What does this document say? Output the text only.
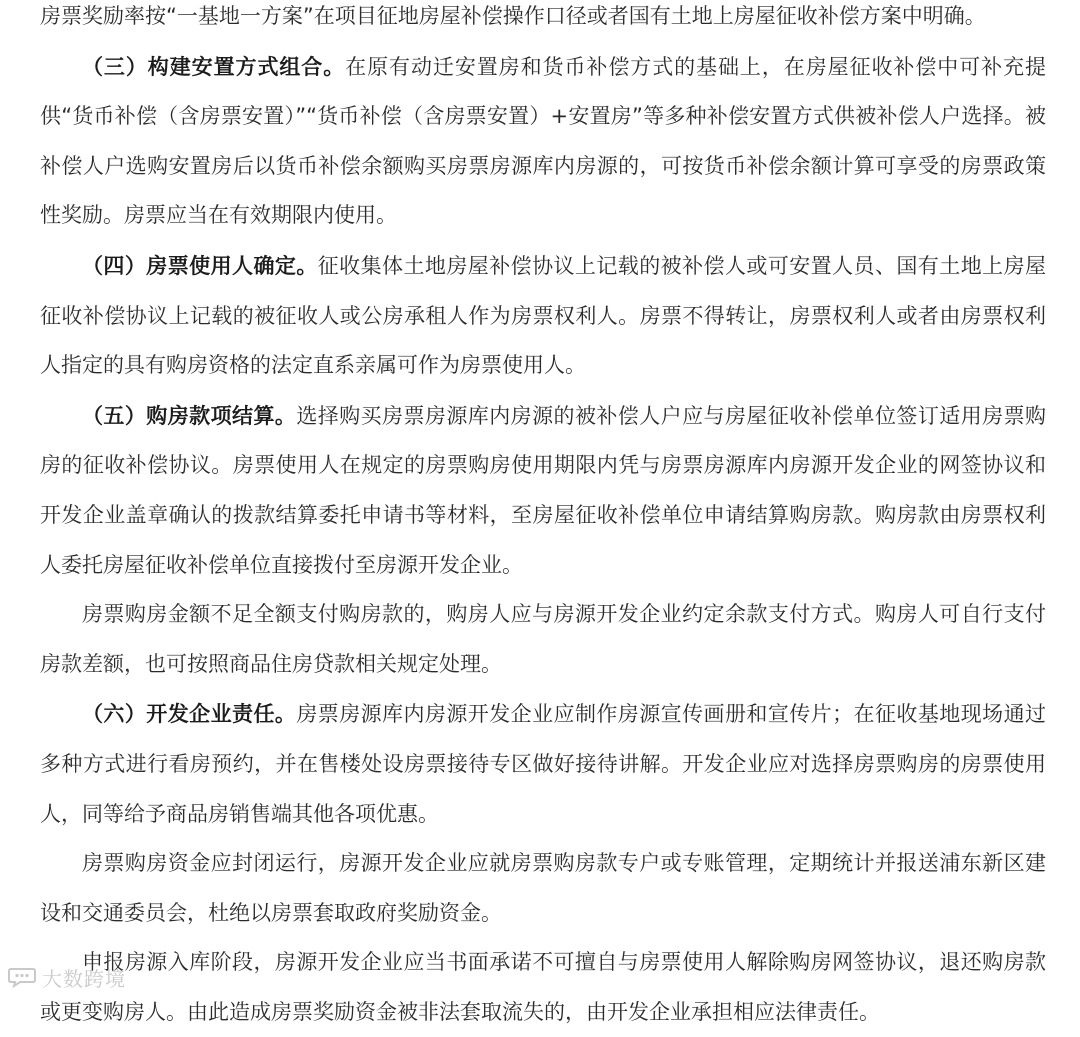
房票奖励率按“一基地一方案”在项目征地房屋补偿操作口径或者国有土地上房屋征收补偿方案中明确。

（三）构建安置方式组合。在原有动迁安置房和货币补偿方式的基础上，在房屋征收补偿中可补充提供“货币补偿（含房票安置）”“货币补偿（含房票安置）+安置房”等多种补偿安置方式供被补偿人户选择。被补偿人户选购安置房后以货币补偿余额购买房票房源库内房源的，可按货币补偿余额计算可享受的房票政策性奖励。房票应当在有效期限内使用。

（四）房票使用人确定。征收集体土地房屋补偿协议上记载的被补偿人或可安置人员、国有土地上房屋征收补偿协议上记载的被征收人或公房承租人作为房票权利人。房票不得转让，房票权利人或者由房票权利人指定的具有购房资格的法定直系亲属可作为房票使用人。

（五）购房款项结算。选择购买房票房源库内房源的被补偿人户应与房屋征收补偿单位签订适用房票购房的征收补偿协议。房票使用人在规定的房票购房使用期限内凭与房票房源库内房源开发企业的网签协议和开发企业盖章确认的拨款结算委托申请书等材料，至房屋征收补偿单位申请结算购房款。购房款由房票权利人委托房屋征收补偿单位直接拨付至房源开发企业。

房票购房金额不足全额支付购房款的，购房人应与房源开发企业约定余款支付方式。购房人可自行支付房款差额，也可按照商品住房贷款相关规定处理。

（六）开发企业责任。房票房源库内房源开发企业应制作房源宣传画册和宣传片；在征收基地现场通过多种方式进行看房预约，并在售楼处设房票接待专区做好接待讲解。开发企业应对选择房票购房的房票使用人，同等给予商品房销售端其他各项优惠。

房票购房资金应封闭运行，房源开发企业应就房票购房款专户或专账管理，定期统计并报送浦东新区建设和交通委员会，杜绝以房票套取政府奖励资金。

申报房源入库阶段，房源开发企业应当书面承诺不可擅自与房票使用人解除购房网签协议，退还购房款或更变购房人。由此造成房票奖励资金被非法套取流失的，由开发企业承担相应法律责任。

大数跨境
